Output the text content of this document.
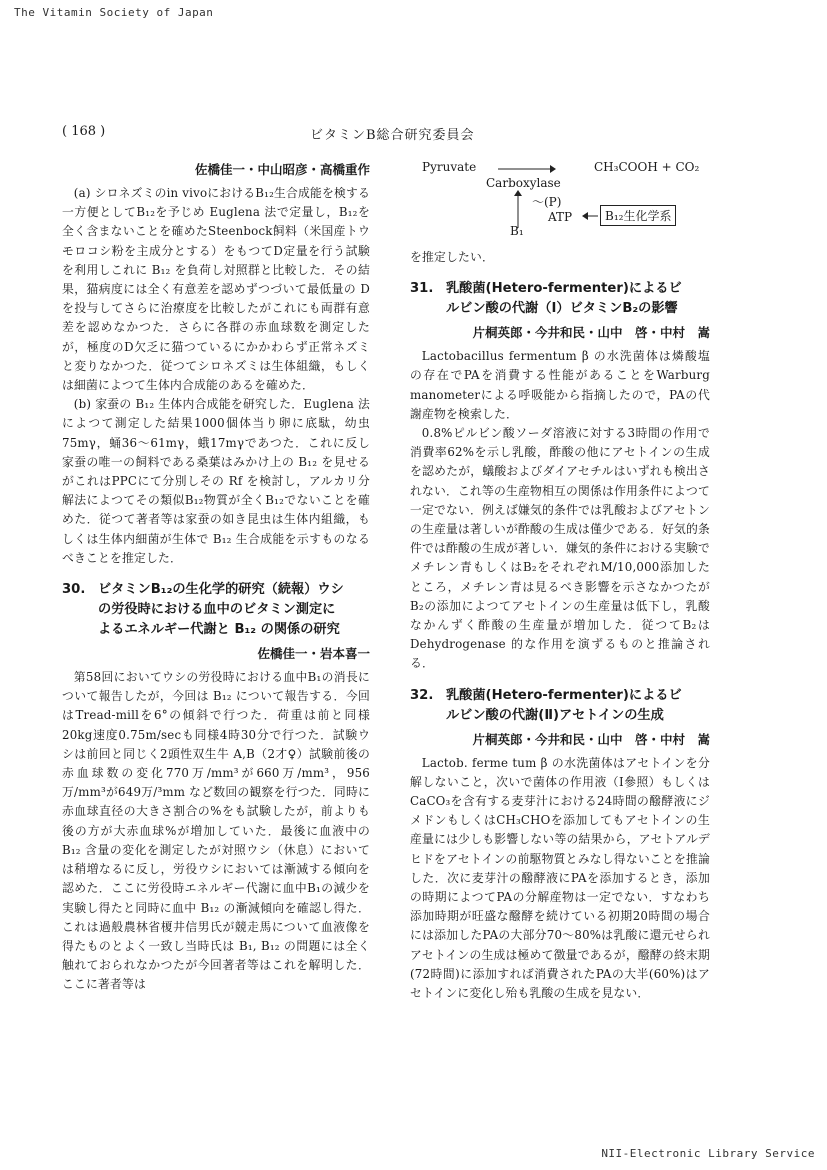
The Vitamin Society of Japan
( 168 )	ビタミンB総合研究委員会

佐橋佳一・中山昭彦・高橋重作

(a) シロネズミのin vivoにおけるB₁₂生合成能を検する一方便としてB₁₂を予じめ Euglena 法で定量し，B₁₂を全く含まないことを確めたSteenbock飼料（米国産トウモロコシ粉を主成分とする）をもつてD定量を行う試験を利用しこれに B₁₂ を負荷し対照群と比較した．その結果，猫病度には全く有意差を認めずつづいて最低量の Dを投与してさらに治療度を比較したがこれにも両群有意差を認めなかつた．さらに各群の赤血球数を測定したが，極度のD欠乏に猫つているにかかわらず正常ネズミと変りなかつた．従つてシロネズミは生体組織，もしくは細菌によつて生体内合成能のあるを確めた．

(b) 家蚕の B₁₂ 生体内合成能を研究した．Euglena 法によつて測定した結果1000個体当り卵に底駄，幼虫75mγ，蛹36～61mγ，蛾17mγであつた．これに反し家蚕の唯一の飼料である桑葉はみかけ上の B₁₂ を見せるがこれはPPCにて分別しその Rf を検討し，アルカリ分解法によつてその類似B₁₂物質が全くB₁₂でないことを確めた．従つて著者等は家蚕の如き昆虫は生体内組織，もしくは生体内細菌が生体で B₁₂ 生合成能を示すものなるべきことを推定した．

30. ビタミンB₁₂の生化学的研究（続報）ウシ
の労役時における血中のビタミン測定に
よるエネルギー代謝と B₁₂ の関係の研究

佐橋佳一・岩本喜一

第58回においてウシの労役時における血中B₁の消長について報告したが，今回は B₁₂ について報告する．今回はTread-millを6°の傾斜で行つた．荷重は前と同様20kg速度0.75m/secも同様4時30分で行つた．試験ウシは前回と同じく2頭性双生牛 A,B（2才♀）試験前後の赤血球数の変化770万/mm³が660万/mm³，956万/mm³が649万/³mm など数回の観察を行つた．同時に赤血球直径の大きさ割合の%をも試験したが，前よりも後の方が大赤血球%が増加していた．最後に血液中の B₁₂ 含量の変化を測定したが対照ウシ（休息）においては稍増なるに反し，労役ウシにおいては漸減する傾向を認めた．ここに労役時エネルギー代謝に血中B₁の減少を実験し得たと同時に血中 B₁₂ の漸減傾向を確認し得た．これは過般農林省榎井信男氏が競走馬について血液像を得たものとよく一致し当時氏は B₁, B₁₂ の問題には全く触れておられなかつたが今回著者等はこれを解明した．ここに著者等は

Pyruvate	CH₃COOH + CO₂
Carboxylase
～(P)
ATP	B₁₂生化学系
B₁

を推定したい．

31. 乳酸菌(Hetero-fermenter)によるビ
ルビン酸の代謝（Ⅰ）ビタミンB₂の影響

片桐英郎・今井和民・山中　啓・中村　嵩

Lactobacillus fermentum β の水洗菌体は燐酸塩の存在でPAを消費する性能があることをWarburg manometerによる呼吸能から指摘したので，PAの代謝産物を検索した．

0.8%ピルビン酸ソーダ溶液に対する3時間の作用で消費率62%を示し乳酸，酢酸の他にアセトインの生成を認めたが，蟻酸およびダイアセチルはいずれも検出されない．これ等の生産物相互の関係は作用条件によつて一定でない．例えば嫌気的条件では乳酸およびアセトンの生産量は著しいが酢酸の生成は僅少である．好気的条件では酢酸の生成が著しい．嫌気的条件における実験でメチレン青もしくはB₂をそれぞれM/10,000添加したところ，メチレン青は見るべき影響を示さなかつたがB₂の添加によつてアセトインの生産量は低下し，乳酸なかんずく酢酸の生産量が増加した．従つてB₂は Dehydrogenase 的な作用を演ずるものと推論される．

32. 乳酸菌(Hetero-fermenter)によるビ
ルビン酸の代謝(Ⅱ)アセトインの生成

片桐英郎・今井和民・山中　啓・中村　嵩

Lactob. ferme tum β の水洗菌体はアセトインを分解しないこと，次いで菌体の作用液（I參照）もしくはCaCO₃を含有する麦芽汁における24時間の醱酵液にジメドンもしくはCH₃CHOを添加してもアセトインの生産量には少しも影響しない等の結果から，アセトアルデヒドをアセトインの前駆物質とみなし得ないことを推論した．次に麦芽汁の醱酵液にPAを添加するとき，添加の時期によつてPAの分解産物は一定でない．すなわち添加時期が旺盛な醱酵を続けている初期20時間の場合には添加したPAの大部分70～80%は乳酸に還元せられアセトインの生成は極めて徴量であるが，醱酵の終末期(72時間)に添加すれば消費されたPAの大半(60%)はアセトインに変化し殆も乳酸の生成を見ない．

NII-Electronic Library Service
